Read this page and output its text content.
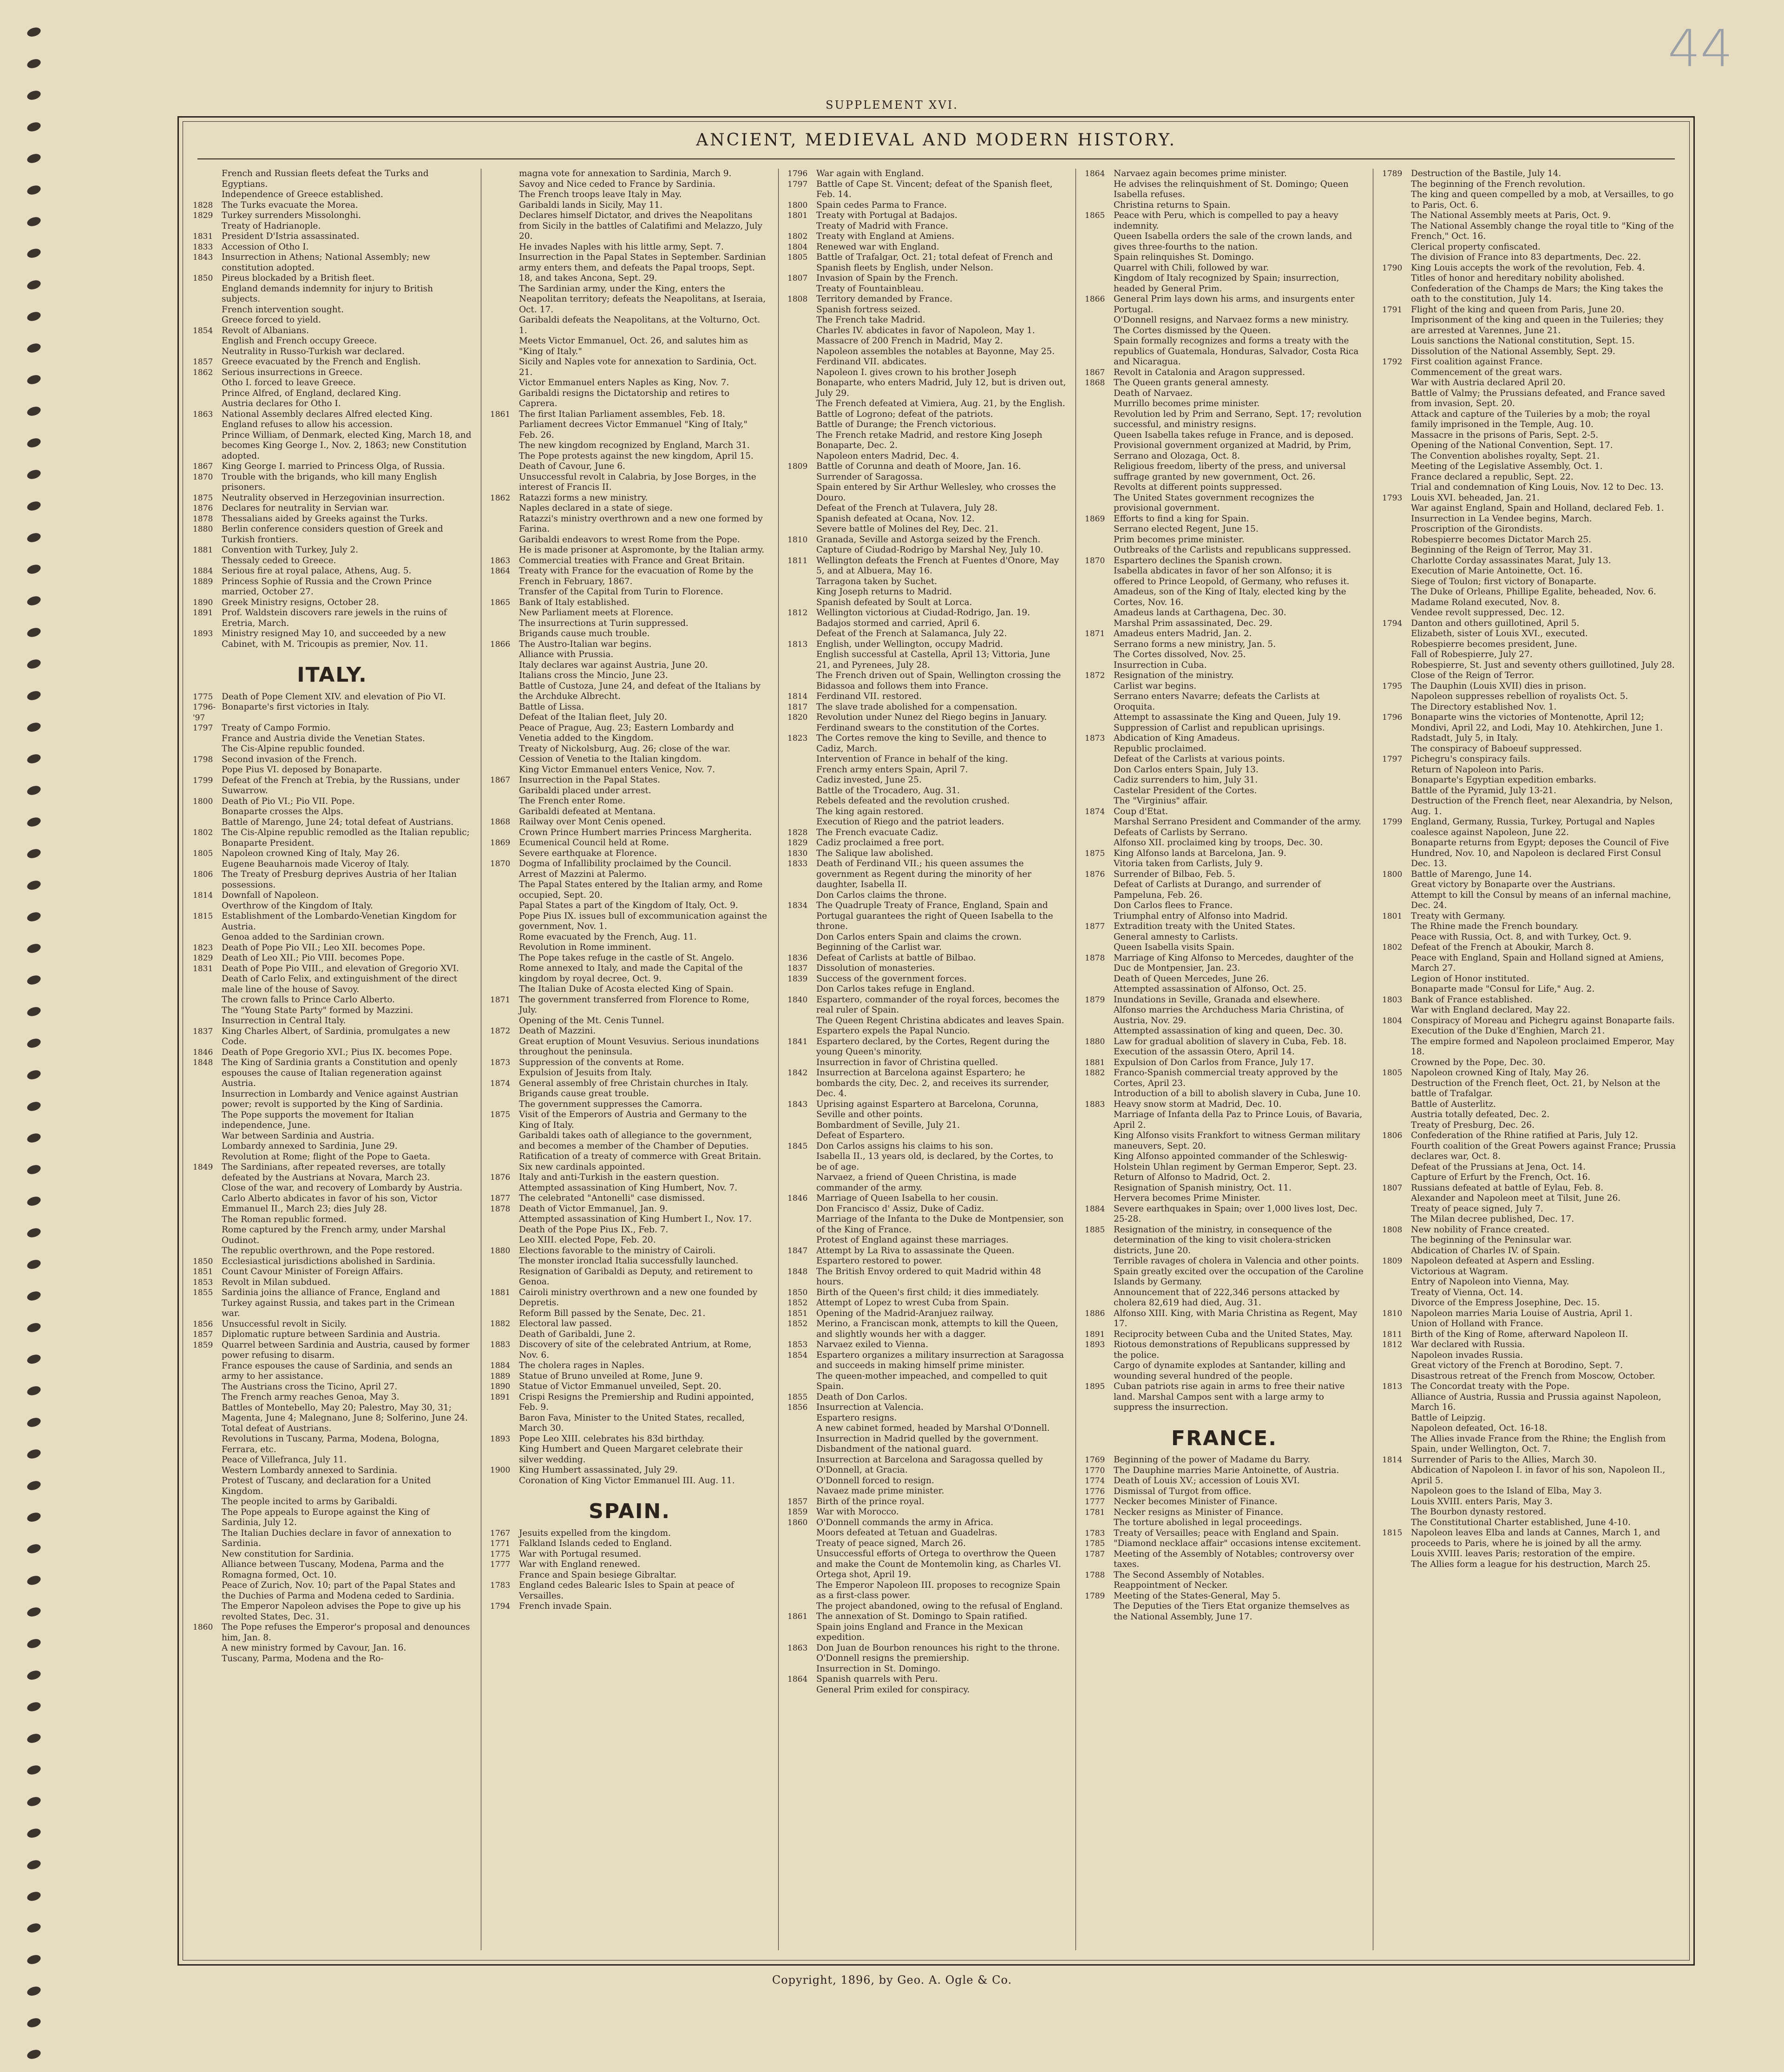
44
SUPPLEMENT XVI.
ANCIENT, MEDIEVAL AND MODERN HISTORY.
French and Russian fleets defeat the Turks and Egyptians.
Independence of Greece established.
1828	The Turks evacuate the Morea.
1829	Turkey surrenders Missolonghi.
Treaty of Hadrianople.
1831	President D'Istria assassinated.
1833	Accession of Otho I.
1843	Insurrection in Athens; National Assembly; new constitution adopted.
1850	Pireus blockaded by a British fleet.
England demands indemnity for injury to British subjects.
French intervention sought.
Greece forced to yield.
1854	Revolt of Albanians.
English and French occupy Greece.
Neutrality in Russo-Turkish war declared.
1857	Greece evacuated by the French and English.
1862	Serious insurrections in Greece.
Otho I. forced to leave Greece.
Prince Alfred, of England, declared King.
Austria declares for Otho I.
1863	National Assembly declares Alfred elected King.
England refuses to allow his accession.
Prince William, of Denmark, elected King, March 18, and becomes King George I., Nov. 2, 1863; new Constitution adopted.
1867	King George I. married to Princess Olga, of Russia.
1870	Trouble with the brigands, who kill many English prisoners.
1875	Neutrality observed in Herzegovinian insurrection.
1876	Declares for neutrality in Servian war.
1878	Thessalians aided by Greeks against the Turks.
1880	Berlin conference considers question of Greek and Turkish frontiers.
1881	Convention with Turkey, July 2.
Thessaly ceded to Greece.
1884	Serious fire at royal palace, Athens, Aug. 5.
1889	Princess Sophie of Russia and the Crown Prince married, October 27.
1890	Greek Ministry resigns, October 28.
1891	Prof. Waldstein discovers rare jewels in the ruins of Eretria, March.
1893	Ministry resigned May 10, and succeeded by a new Cabinet, with M. Tricoupis as premier, Nov. 11.
ITALY.
1775	Death of Pope Clement XIV. and elevation of Pio VI.
1796-'97
Bonaparte's first victories in Italy.
1797	Treaty of Campo Formio.
France and Austria divide the Venetian States.
The Cis-Alpine republic founded.
1798	Second invasion of the French.
Pope Pius VI. deposed by Bonaparte.
1799	Defeat of the French at Trebia, by the Russians, under Suwarrow.
1800	Death of Pio VI.; Pio VII. Pope.
Bonaparte crosses the Alps.
Battle of Marengo, June 24; total defeat of Austrians.
1802	The Cis-Alpine republic remodled as the Italian republic; Bonaparte President.
1805	Napoleon crowned King of Italy, May 26.
Eugene Beauharnois made Viceroy of Italy.
1806	The Treaty of Presburg deprives Austria of her Italian possessions.
1814	Downfall of Napoleon.
Overthrow of the Kingdom of Italy.
1815	Establishment of the Lombardo-Venetian Kingdom for Austria.
Genoa added to the Sardinian crown.
1823	Death of Pope Pio VII.; Leo XII. becomes Pope.
1829	Death of Leo XII.; Pio VIII. becomes Pope.
1831	Death of Pope Pio VIII., and elevation of Gregorio XVI.
Death of Carlo Felix, and extinguishment of the direct male line of the house of Savoy.
The crown falls to Prince Carlo Alberto.
The "Young State Party" formed by Mazzini.
Insurrection in Central Italy.
1837	King Charles Albert, of Sardinia, promulgates a new Code.
1846	Death of Pope Gregorio XVI.; Pius IX. becomes Pope.
1848	The King of Sardinia grants a Constitution and openly espouses the cause of Italian regeneration against Austria.
Insurrection in Lombardy and Venice against Austrian power; revolt is supported by the King of Sardinia.
The Pope supports the movement for Italian independence, June.
War between Sardinia and Austria.
Lombardy annexed to Sardinia, June 29.
Revolution at Rome; flight of the Pope to Gaeta.
1849	The Sardinians, after repeated reverses, are totally defeated by the Austrians at Novara, March 23.
Close of the war, and recovery of Lombardy by Austria.
Carlo Alberto abdicates in favor of his son, Victor Emmanuel II., March 23; dies July 28.
The Roman republic formed.
Rome captured by the French army, under Marshal Oudinot.
The republic overthrown, and the Pope restored.
1850	Ecclesiastical jurisdictions abolished in Sardinia.
1851	Count Cavour Minister of Foreign Affairs.
1853	Revolt in Milan subdued.
1855	Sardinia joins the alliance of France, England and Turkey against Russia, and takes part in the Crimean war.
1856	Unsuccessful revolt in Sicily.
1857	Diplomatic rupture between Sardinia and Austria.
1859	Quarrel between Sardinia and Austria, caused by former power refusing to disarm.
France espouses the cause of Sardinia, and sends an army to her assistance.
The Austrians cross the Ticino, April 27.
The French army reaches Genoa, May 3.
Battles of Montebello, May 20; Palestro, May 30, 31; Magenta, June 4; Malegnano, June 8; Solferino, June 24.
Total defeat of Austrians.
Revolutions in Tuscany, Parma, Modena, Bologna, Ferrara, etc.
Peace of Villefranca, July 11.
Western Lombardy annexed to Sardinia.
Protest of Tuscany, and declaration for a United Kingdom.
The people incited to arms by Garibaldi.
The Pope appeals to Europe against the King of Sardinia, July 12.
The Italian Duchies declare in favor of annexation to Sardinia.
New constitution for Sardinia.
Alliance between Tuscany, Modena, Parma and the Romagna formed, Oct. 10.
Peace of Zurich, Nov. 10; part of the Papal States and the Duchies of Parma and Modena ceded to Sardinia.
The Emperor Napoleon advises the Pope to give up his revolted States, Dec. 31.
1860	The Pope refuses the Emperor's proposal and denounces him, Jan. 8.
A new ministry formed by Cavour, Jan. 16.
Tuscany, Parma, Modena and the Ro-
magna vote for annexation to Sardinia, March 9.
Savoy and Nice ceded to France by Sardinia.
The French troops leave Italy in May.
Garibaldi lands in Sicily, May 11.
Declares himself Dictator, and drives the Neapolitans from Sicily in the battles of Calatifimi and Melazzo, July 20.
He invades Naples with his little army, Sept. 7.
Insurrection in the Papal States in September. Sardinian army enters them, and defeats the Papal troops, Sept. 18, and takes Ancona, Sept. 29.
The Sardinian army, under the King, enters the Neapolitan territory; defeats the Neapolitans, at Iseraia, Oct. 17.
Garibaldi defeats the Neapolitans, at the Volturno, Oct. 1.
Meets Victor Emmanuel, Oct. 26, and salutes him as "King of Italy."
Sicily and Naples vote for annexation to Sardinia, Oct. 21.
Victor Emmanuel enters Naples as King, Nov. 7.
Garibaldi resigns the Dictatorship and retires to Caprera.
1861	The first Italian Parliament assembles, Feb. 18.
Parliament decrees Victor Emmanuel "King of Italy," Feb. 26.
The new kingdom recognized by England, March 31.
The Pope protests against the new kingdom, April 15.
Death of Cavour, June 6.
Unsuccessful revolt in Calabria, by Jose Borges, in the interest of Francis II.
1862	Ratazzi forms a new ministry.
Naples declared in a state of siege.
Ratazzi's ministry overthrown and a new one formed by Farina.
Garibaldi endeavors to wrest Rome from the Pope.
He is made prisoner at Aspromonte, by the Italian army.
1863	Commercial treaties with France and Great Britain.
1864	Treaty with France for the evacuation of Rome by the French in February, 1867.
Transfer of the Capital from Turin to Florence.
1865	Bank of Italy established.
New Parliament meets at Florence.
The insurrections at Turin suppressed.
Brigands cause much trouble.
1866	The Austro-Italian war begins.
Alliance with Prussia.
Italy declares war against Austria, June 20.
Italians cross the Mincio, June 23.
Battle of Custoza, June 24, and defeat of the Italians by the Archduke Albrecht.
Battle of Lissa.
Defeat of the Italian fleet, July 20.
Peace of Prague, Aug. 23; Eastern Lombardy and Venetia added to the Kingdom.
Treaty of Nickolsburg, Aug. 26; close of the war.
Cession of Venetia to the Italian kingdom.
King Victor Emmanuel enters Venice, Nov. 7.
1867	Insurrection in the Papal States.
Garibaldi placed under arrest.
The French enter Rome.
Garibaldi defeated at Mentana.
1868	Railway over Mont Cenis opened.
Crown Prince Humbert marries Princess Margherita.
1869	Ecumenical Council held at Rome.
Severe earthquake at Florence.
1870	Dogma of Infallibility proclaimed by the Council.
Arrest of Mazzini at Palermo.
The Papal States entered by the Italian army, and Rome occupied, Sept. 20.
Papal States a part of the Kingdom of Italy, Oct. 9.
Pope Pius IX. issues bull of excommunication against the government, Nov. 1.
Rome evacuated by the French, Aug. 11.
Revolution in Rome imminent.
The Pope takes refuge in the castle of St. Angelo.
Rome annexed to Italy, and made the Capital of the kingdom by royal decree, Oct. 9.
The Italian Duke of Acosta elected King of Spain.
1871	The government transferred from Florence to Rome, July.
Opening of the Mt. Cenis Tunnel.
1872	Death of Mazzini.
Great eruption of Mount Vesuvius. Serious inundations throughout the peninsula.
1873	Suppression of the convents at Rome.
Expulsion of Jesuits from Italy.
1874	General assembly of free Christain churches in Italy.
Brigands cause great trouble.
The government suppresses the Camorra.
1875	Visit of the Emperors of Austria and Germany to the King of Italy.
Garibaldi takes oath of allegiance to the government, and becomes a member of the Chamber of Deputies.
Ratification of a treaty of commerce with Great Britain.
Six new cardinals appointed.
1876	Italy and anti-Turkish in the eastern question.
Attempted assassination of King Humbert, Nov. 7.
1877	The celebrated "Antonelli" case dismissed.
1878	Death of Victor Emmanuel, Jan. 9.
Attempted assassination of King Humbert I., Nov. 17.
Death of the Pope Pius IX., Feb. 7.
Leo XIII. elected Pope, Feb. 20.
1880	Elections favorable to the ministry of Cairoli.
The monster ironclad Italia successfully launched.
Resignation of Garibaldi as Deputy, and retirement to Genoa.
1881	Cairoli ministry overthrown and a new one founded by Depretis.
Reform Bill passed by the Senate, Dec. 21.
1882	Electoral law passed.
Death of Garibaldi, June 2.
1883	Discovery of site of the celebrated Antrium, at Rome, Nov. 6.
1884	The cholera rages in Naples.
1889	Statue of Bruno unveiled at Rome, June 9.
1890	Statue of Victor Emmanuel unveiled, Sept. 20.
1891	Crispi Resigns the Premiership and Rudini appointed, Feb. 9.
Baron Fava, Minister to the United States, recalled, March 30.
1893	Pope Leo XIII. celebrates his 83d birthday.
King Humbert and Queen Margaret celebrate their silver wedding.
1900	King Humbert assassinated, July 29.
Coronation of King Victor Emmanuel III. Aug. 11.
SPAIN.
1767	Jesuits expelled from the kingdom.
1771	Falkland Islands ceded to England.
1775	War with Portugal resumed.
1777	War with England renewed.
France and Spain besiege Gibraltar.
1783	England cedes Balearic Isles to Spain at peace of Versailles.
1794	French invade Spain.
1796	War again with England.
1797	Battle of Cape St. Vincent; defeat of the Spanish fleet, Feb. 14.
1800	Spain cedes Parma to France.
1801	Treaty with Portugal at Badajos.
Treaty of Madrid with France.
1802	Treaty with England at Amiens.
1804	Renewed war with England.
1805	Battle of Trafalgar, Oct. 21; total defeat of French and Spanish fleets by English, under Nelson.
1807	Invasion of Spain by the French.
Treaty of Fountainbleau.
1808	Territory demanded by France.
Spanish fortress seized.
The French take Madrid.
Charles IV. abdicates in favor of Napoleon, May 1.
Massacre of 200 French in Madrid, May 2.
Napoleon assembles the notables at Bayonne, May 25.
Ferdinand VII. abdicates.
Napoleon I. gives crown to his brother Joseph Bonaparte, who enters Madrid, July 12, but is driven out, July 29.
The French defeated at Vimiera, Aug. 21, by the English.
Battle of Logrono; defeat of the patriots.
Battle of Durange; the French victorious.
The French retake Madrid, and restore King Joseph Bonaparte, Dec. 2.
Napoleon enters Madrid, Dec. 4.
1809	Battle of Corunna and death of Moore, Jan. 16.
Surrender of Saragossa.
Spain entered by Sir Arthur Wellesley, who crosses the Douro.
Defeat of the French at Tulavera, July 28.
Spanish defeated at Ocana, Nov. 12.
Severe battle of Molines del Rey, Dec. 21.
1810	Granada, Seville and Astorga seized by the French.
Capture of Ciudad-Rodrigo by Marshal Ney, July 10.
1811	Wellington defeats the French at Fuentes d'Onore, May 5, and at Albuera, May 16.
Tarragona taken by Suchet.
King Joseph returns to Madrid.
Spanish defeated by Soult at Lorca.
1812	Wellington victorious at Ciudad-Rodrigo, Jan. 19.
Badajos stormed and carried, April 6.
Defeat of the French at Salamanca, July 22.
1813	English, under Wellington, occupy Madrid.
English successful at Castella, April 13; Vittoria, June 21, and Pyrenees, July 28.
The French driven out of Spain, Wellington crossing the Bidassoa and follows them into France.
1814	Ferdinand VII. restored.
1817	The slave trade abolished for a compensation.
1820	Revolution under Nunez del Riego begins in January.
Ferdinand swears to the constitution of the Cortes.
1823	The Cortes remove the king to Seville, and thence to Cadiz, March.
Intervention of France in behalf of the king.
French army enters Spain, April 7.
Cadiz invested, June 25.
Battle of the Trocadero, Aug. 31.
Rebels defeated and the revolution crushed.
The king again restored.
Execution of Riego and the patriot leaders.
1828	The French evacuate Cadiz.
1829	Cadiz proclaimed a free port.
1830	The Salique law abolished.
1833	Death of Ferdinand VII.; his queen assumes the government as Regent during the minority of her daughter, Isabella II.
Don Carlos claims the throne.
1834	The Quadruple Treaty of France, England, Spain and Portugal guarantees the right of Queen Isabella to the throne.
Don Carlos enters Spain and claims the crown.
Beginning of the Carlist war.
1836	Defeat of Carlists at battle of Bilbao.
1837	Dissolution of monasteries.
1839	Success of the government forces.
Don Carlos takes refuge in England.
1840	Espartero, commander of the royal forces, becomes the real ruler of Spain.
The Queen Regent Christina abdicates and leaves Spain.
Espartero expels the Papal Nuncio.
1841	Espartero declared, by the Cortes, Regent during the young Queen's minority.
Insurrection in favor of Christina quelled.
1842	Insurrection at Barcelona against Espartero; he bombards the city, Dec. 2, and receives its surrender, Dec. 4.
1843	Uprising against Espartero at Barcelona, Corunna, Seville and other points.
Bombardment of Seville, July 21.
Defeat of Espartero.
1845	Don Carlos assigns his claims to his son.
Isabella II., 13 years old, is declared, by the Cortes, to be of age.
Narvaez, a friend of Queen Christina, is made commander of the army.
1846	Marriage of Queen Isabella to her cousin.
Don Francisco d' Assiz, Duke of Cadiz.
Marriage of the Infanta to the Duke de Montpensier, son of the King of France.
Protest of England against these marriages.
1847	Attempt by La Riva to assassinate the Queen.
Espartero restored to power.
1848	The British Envoy ordered to quit Madrid within 48 hours.
1850	Birth of the Queen's first child; it dies immediately.
1852	Attempt of Lopez to wrest Cuba from Spain.
1851	Opening of the Madrid-Aranjuez railway.
1852	Merino, a Franciscan monk, attempts to kill the Queen, and slightly wounds her with a dagger.
1853	Narvaez exiled to Vienna.
1854	Espartero organizes a military insurrection at Saragossa and succeeds in making himself prime minister.
The queen-mother impeached, and compelled to quit Spain.
1855	Death of Don Carlos.
1856	Insurrection at Valencia.
Espartero resigns.
A new cabinet formed, headed by Marshal O'Donnell.
Insurrection in Madrid quelled by the government.
Disbandment of the national guard.
Insurrection at Barcelona and Saragossa quelled by O'Donnell, at Gracia.
O'Donnell forced to resign.
Navaez made prime minister.
1857	Birth of the prince royal.
1859	War with Morocco.
1860	O'Donnell commands the army in Africa.
Moors defeated at Tetuan and Guadelras.
Treaty of peace signed, March 26.
Unsuccessful efforts of Ortega to overthrow the Queen and make the Count de Montemolin king, as Charles VI.
Ortega shot, April 19.
The Emperor Napoleon III. proposes to recognize Spain as a first-class power.
The project abandoned, owing to the refusal of England.
1861	The annexation of St. Domingo to Spain ratified.
Spain joins England and France in the Mexican expedition.
1863	Don Juan de Bourbon renounces his right to the throne.
O'Donnell resigns the premiership.
Insurrection in St. Domingo.
1864	Spanish quarrels with Peru.
General Prim exiled for conspiracy.
1864	Narvaez again becomes prime minister.
He advises the relinquishment of St. Domingo; Queen Isabella refuses.
Christina returns to Spain.
1865	Peace with Peru, which is compelled to pay a heavy indemnity.
Queen Isabella orders the sale of the crown lands, and gives three-fourths to the nation.
Spain relinquishes St. Domingo.
Quarrel with Chili, followed by war.
Kingdom of Italy recognized by Spain; insurrection, headed by General Prim.
1866	General Prim lays down his arms, and insurgents enter Portugal.
O'Donnell resigns, and Narvaez forms a new ministry.
The Cortes dismissed by the Queen.
Spain formally recognizes and forms a treaty with the republics of Guatemala, Honduras, Salvador, Costa Rica and Nicaragua.
1867	Revolt in Catalonia and Aragon suppressed.
1868	The Queen grants general amnesty.
Death of Narvaez.
Murrillo becomes prime minister.
Revolution led by Prim and Serrano, Sept. 17; revolution successful, and ministry resigns.
Queen Isabella takes refuge in France, and is deposed.
Provisional government organized at Madrid, by Prim, Serrano and Olozaga, Oct. 8.
Religious freedom, liberty of the press, and universal suffrage granted by new government, Oct. 26.
Revolts at different points suppressed.
The United States government recognizes the provisional government.
1869	Efforts to find a king for Spain.
Serrano elected Regent, June 15.
Prim becomes prime minister.
Outbreaks of the Carlists and republicans suppressed.
1870	Espartero declines the Spanish crown.
Isabella abdicates in favor of her son Alfonso; it is offered to Prince Leopold, of Germany, who refuses it.
Amadeus, son of the King of Italy, elected king by the Cortes, Nov. 16.
Amadeus lands at Carthagena, Dec. 30.
Marshal Prim assassinated, Dec. 29.
1871	Amadeus enters Madrid, Jan. 2.
Serrano forms a new ministry, Jan. 5.
The Cortes dissolved, Nov. 25.
Insurrection in Cuba.
1872	Resignation of the ministry.
Carlist war begins.
Serrano enters Navarre; defeats the Carlists at Oroquita.
Attempt to assassinate the King and Queen, July 19.
Suppression of Carlist and republican uprisings.
1873	Abdication of King Amadeus.
Republic proclaimed.
Defeat of the Carlists at various points.
Don Carlos enters Spain, July 13.
Cadiz surrenders to him, July 31.
Castelar President of the Cortes.
The "Virginius" affair.
1874	Coup d'Etat.
Marshal Serrano President and Commander of the army.
Defeats of Carlists by Serrano.
Alfonso XII. proclaimed king by troops, Dec. 30.
1875	King Alfonso lands at Barcelona, Jan. 9.
Vitoria taken from Carlists, July 9.
1876	Surrender of Bilbao, Feb. 5.
Defeat of Carlists at Durango, and surrender of Pampeluna, Feb. 26.
Don Carlos flees to France.
Triumphal entry of Alfonso into Madrid.
1877	Extradition treaty with the United States.
General amnesty to Carlists.
Queen Isabella visits Spain.
1878	Marriage of King Alfonso to Mercedes, daughter of the Duc de Montpensier, Jan. 23.
Death of Queen Mercedes, June 26.
Attempted assassination of Alfonso, Oct. 25.
1879	Inundations in Seville, Granada and elsewhere.
Alfonso marries the Archduchess Maria Christina, of Austria, Nov. 29.
Attempted assassination of king and queen, Dec. 30.
1880	Law for gradual abolition of slavery in Cuba, Feb. 18.
Execution of the assassin Otero, April 14.
1881	Expulsion of Don Carlos from France, July 17.
1882	Franco-Spanish commercial treaty approved by the Cortes, April 23.
Introduction of a bill to abolish slavery in Cuba, June 10.
1883	Heavy snow storm at Madrid, Dec. 10.
Marriage of Infanta della Paz to Prince Louis, of Bavaria, April 2.
King Alfonso visits Frankfort to witness German military maneuvers, Sept. 20.
King Alfonso appointed commander of the Schleswig-Holstein Uhlan regiment by German Emperor, Sept. 23.
Return of Alfonso to Madrid, Oct. 2.
Resignation of Spanish ministry, Oct. 11.
Hervera becomes Prime Minister.
1884	Severe earthquakes in Spain; over 1,000 lives lost, Dec. 25-28.
1885	Resignation of the ministry, in consequence of the determination of the king to visit cholera-stricken districts, June 20.
Terrible ravages of cholera in Valencia and other points.
Spain greatly excited over the occupation of the Caroline Islands by Germany.
Announcement that of 222,346 persons attacked by cholera 82,619 had died, Aug. 31.
1886	Alfonso XIII. King, with Maria Christina as Regent, May 17.
1891	Reciprocity between Cuba and the United States, May.
1893	Riotous demonstrations of Republicans suppressed by the police.
Cargo of dynamite explodes at Santander, killing and wounding several hundred of the people.
1895	Cuban patriots rise again in arms to free their native land. Marshal Campos sent with a large army to suppress the insurrection.
FRANCE.
1769	Beginning of the power of Madame du Barry.
1770	The Dauphine marries Marie Antoinette, of Austria.
1774	Death of Louis XV.; accession of Louis XVI.
1776	Dismissal of Turgot from office.
1777	Necker becomes Minister of Finance.
1781	Necker resigns as Minister of Finance.
The torture abolished in legal proceedings.
1783	Treaty of Versailles; peace with England and Spain.
1785	"Diamond necklace affair" occasions intense excitement.
1787	Meeting of the Assembly of Notables; controversy over taxes.
1788	The Second Assembly of Notables.
Reappointment of Necker.
1789	Meeting of the States-General, May 5.
The Deputies of the Tiers Etat organize themselves as the National Assembly, June 17.
1789	Destruction of the Bastile, July 14.
The beginning of the French revolution.
The king and queen compelled by a mob, at Versailles, to go to Paris, Oct. 6.
The National Assembly meets at Paris, Oct. 9.
The National Assembly change the royal title to "King of the French," Oct. 16.
Clerical property confiscated.
The division of France into 83 departments, Dec. 22.
1790	King Louis accepts the work of the revolution, Feb. 4.
Titles of honor and hereditary nobility abolished.
Confederation of the Champs de Mars; the King takes the oath to the constitution, July 14.
1791	Flight of the king and queen from Paris, June 20.
Imprisonment of the king and queen in the Tuileries; they are arrested at Varennes, June 21.
Louis sanctions the National constitution, Sept. 15.
Dissolution of the National Assembly, Sept. 29.
1792	First coalition against France.
Commencement of the great wars.
War with Austria declared April 20.
Battle of Valmy; the Prussians defeated, and France saved from invasion, Sept. 20.
Attack and capture of the Tuileries by a mob; the royal family imprisoned in the Temple, Aug. 10.
Massacre in the prisons of Paris, Sept. 2-5.
Opening of the National Convention, Sept. 17.
The Convention abolishes royalty, Sept. 21.
Meeting of the Legislative Assembly, Oct. 1.
France declared a republic, Sept. 22.
Trial and condemnation of King Louis, Nov. 12 to Dec. 13.
1793	Louis XVI. beheaded, Jan. 21.
War against England, Spain and Holland, declared Feb. 1.
Insurrection in La Vendee begins, March.
Proscription of the Girondists.
Robespierre becomes Dictator March 25.
Beginning of the Reign of Terror, May 31.
Charlotte Corday assassinates Marat, July 13.
Execution of Marie Antoinette, Oct. 16.
Siege of Toulon; first victory of Bonaparte.
The Duke of Orleans, Phillipe Egalite, beheaded, Nov. 6.
Madame Roland executed, Nov. 8.
Vendee revolt suppressed, Dec. 12.
1794	Danton and others guillotined, April 5.
Elizabeth, sister of Louis XVI., executed.
Robespierre becomes president, June.
Fall of Robespierre, July 27.
Robespierre, St. Just and seventy others guillotined, July 28.
Close of the Reign of Terror.
1795	The Dauphin (Louis XVII) dies in prison.
Napoleon suppresses rebellion of royalists Oct. 5.
The Directory established Nov. 1.
1796	Bonaparte wins the victories of Montenotte, April 12; Mondivi, April 22, and Lodi, May 10. Atehkirchen, June 1. Radstadt, July 5, in Italy.
The conspiracy of Baboeuf suppressed.
1797	Pichegru's conspiracy fails.
Return of Napoleon into Paris.
Bonaparte's Egyptian expedition embarks.
Battle of the Pyramid, July 13-21.
Destruction of the French fleet, near Alexandria, by Nelson, Aug. 1.
1799	England, Germany, Russia, Turkey, Portugal and Naples coalesce against Napoleon, June 22.
Bonaparte returns from Egypt; deposes the Council of Five Hundred, Nov. 10, and Napoleon is declared First Consul Dec. 13.
1800	Battle of Marengo, June 14.
Great victory by Bonaparte over the Austrians.
Attempt to kill the Consul by means of an infernal machine, Dec. 24.
1801	Treaty with Germany.
The Rhine made the French boundary.
Peace with Russia, Oct. 8, and with Turkey, Oct. 9.
1802	Defeat of the French at Aboukir, March 8.
Peace with England, Spain and Holland signed at Amiens, March 27.
Legion of Honor instituted.
Bonaparte made "Consul for Life," Aug. 2.
1803	Bank of France established.
War with England declared, May 22.
1804	Conspiracy of Moreau and Pichegru against Bonaparte fails.
Execution of the Duke d'Enghien, March 21.
The empire formed and Napoleon proclaimed Emperor, May 18.
Crowned by the Pope, Dec. 30.
1805	Napoleon crowned King of Italy, May 26.
Destruction of the French fleet, Oct. 21, by Nelson at the battle of Trafalgar.
Battle of Austerlitz.
Austria totally defeated, Dec. 2.
Treaty of Presburg, Dec. 26.
1806	Confederation of the Rhine ratified at Paris, July 12.
Fourth coalition of the Great Powers against France; Prussia declares war, Oct. 8.
Defeat of the Prussians at Jena, Oct. 14.
Capture of Erfurt by the French, Oct. 16.
1807	Russians defeated at battle of Eylau, Feb. 8.
Alexander and Napoleon meet at Tilsit, June 26.
Treaty of peace signed, July 7.
The Milan decree published, Dec. 17.
1808	New nobility of France created.
The beginning of the Peninsular war.
Abdication of Charles IV. of Spain.
1809	Napoleon defeated at Aspern and Essling.
Victorious at Wagram.
Entry of Napoleon into Vienna, May.
Treaty of Vienna, Oct. 14.
Divorce of the Empress Josephine, Dec. 15.
1810	Napoleon marries Maria Louise of Austria, April 1.
Union of Holland with France.
1811	Birth of the King of Rome, afterward Napoleon II.
1812	War declared with Russia.
Napoleon invades Russia.
Great victory of the French at Borodino, Sept. 7.
Disastrous retreat of the French from Moscow, October.
1813	The Concordat treaty with the Pope.
Alliance of Austria, Russia and Prussia against Napoleon, March 16.
Battle of Leipzig.
Napoleon defeated, Oct. 16-18.
The Allies invade France from the Rhine; the English from Spain, under Wellington, Oct. 7.
1814	Surrender of Paris to the Allies, March 30.
Abdication of Napoleon I. in favor of his son, Napoleon II., April 5.
Napoleon goes to the Island of Elba, May 3.
Louis XVIII. enters Paris, May 3.
The Bourbon dynasty restored.
The Constitutional Charter established, June 4-10.
1815	Napoleon leaves Elba and lands at Cannes, March 1, and proceeds to Paris, where he is joined by all the army.
Louis XVIII. leaves Paris; restoration of the empire.
The Allies form a league for his destruction, March 25.
Copyright, 1896, by Geo. A. Ogle & Co.
